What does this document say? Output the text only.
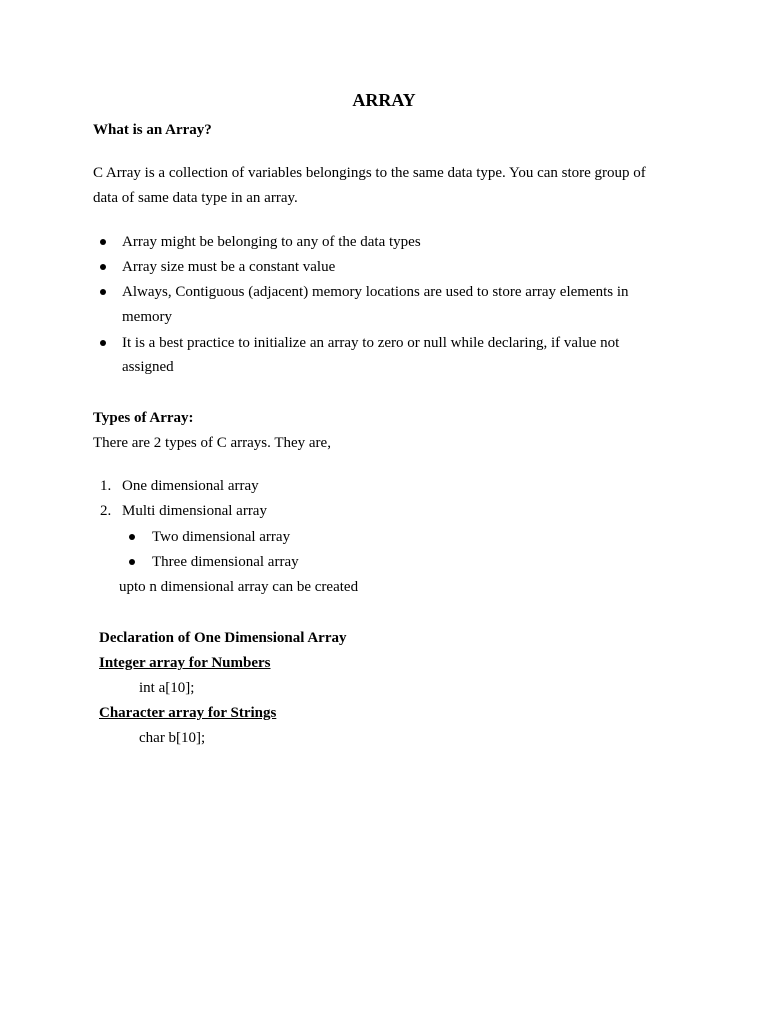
ARRAY
What is an Array?
C Array is a collection of variables belongings to the same data type. You can store group of
data of same data type in an array.
Array might be belonging to any of the data types
Array size must be a constant value
Always, Contiguous (adjacent) memory locations are used to store array elements in
memory
It is a best practice to initialize an array to zero or null while declaring, if value not
assigned
Types of Array:
There are 2 types of C arrays. They are,
1. One dimensional array
2. Multi dimensional array
Two dimensional array
Three dimensional array
upto n dimensional array can be created
Declaration of One Dimensional Array
Integer array for Numbers
int a[10];
Character array for Strings
char b[10];
